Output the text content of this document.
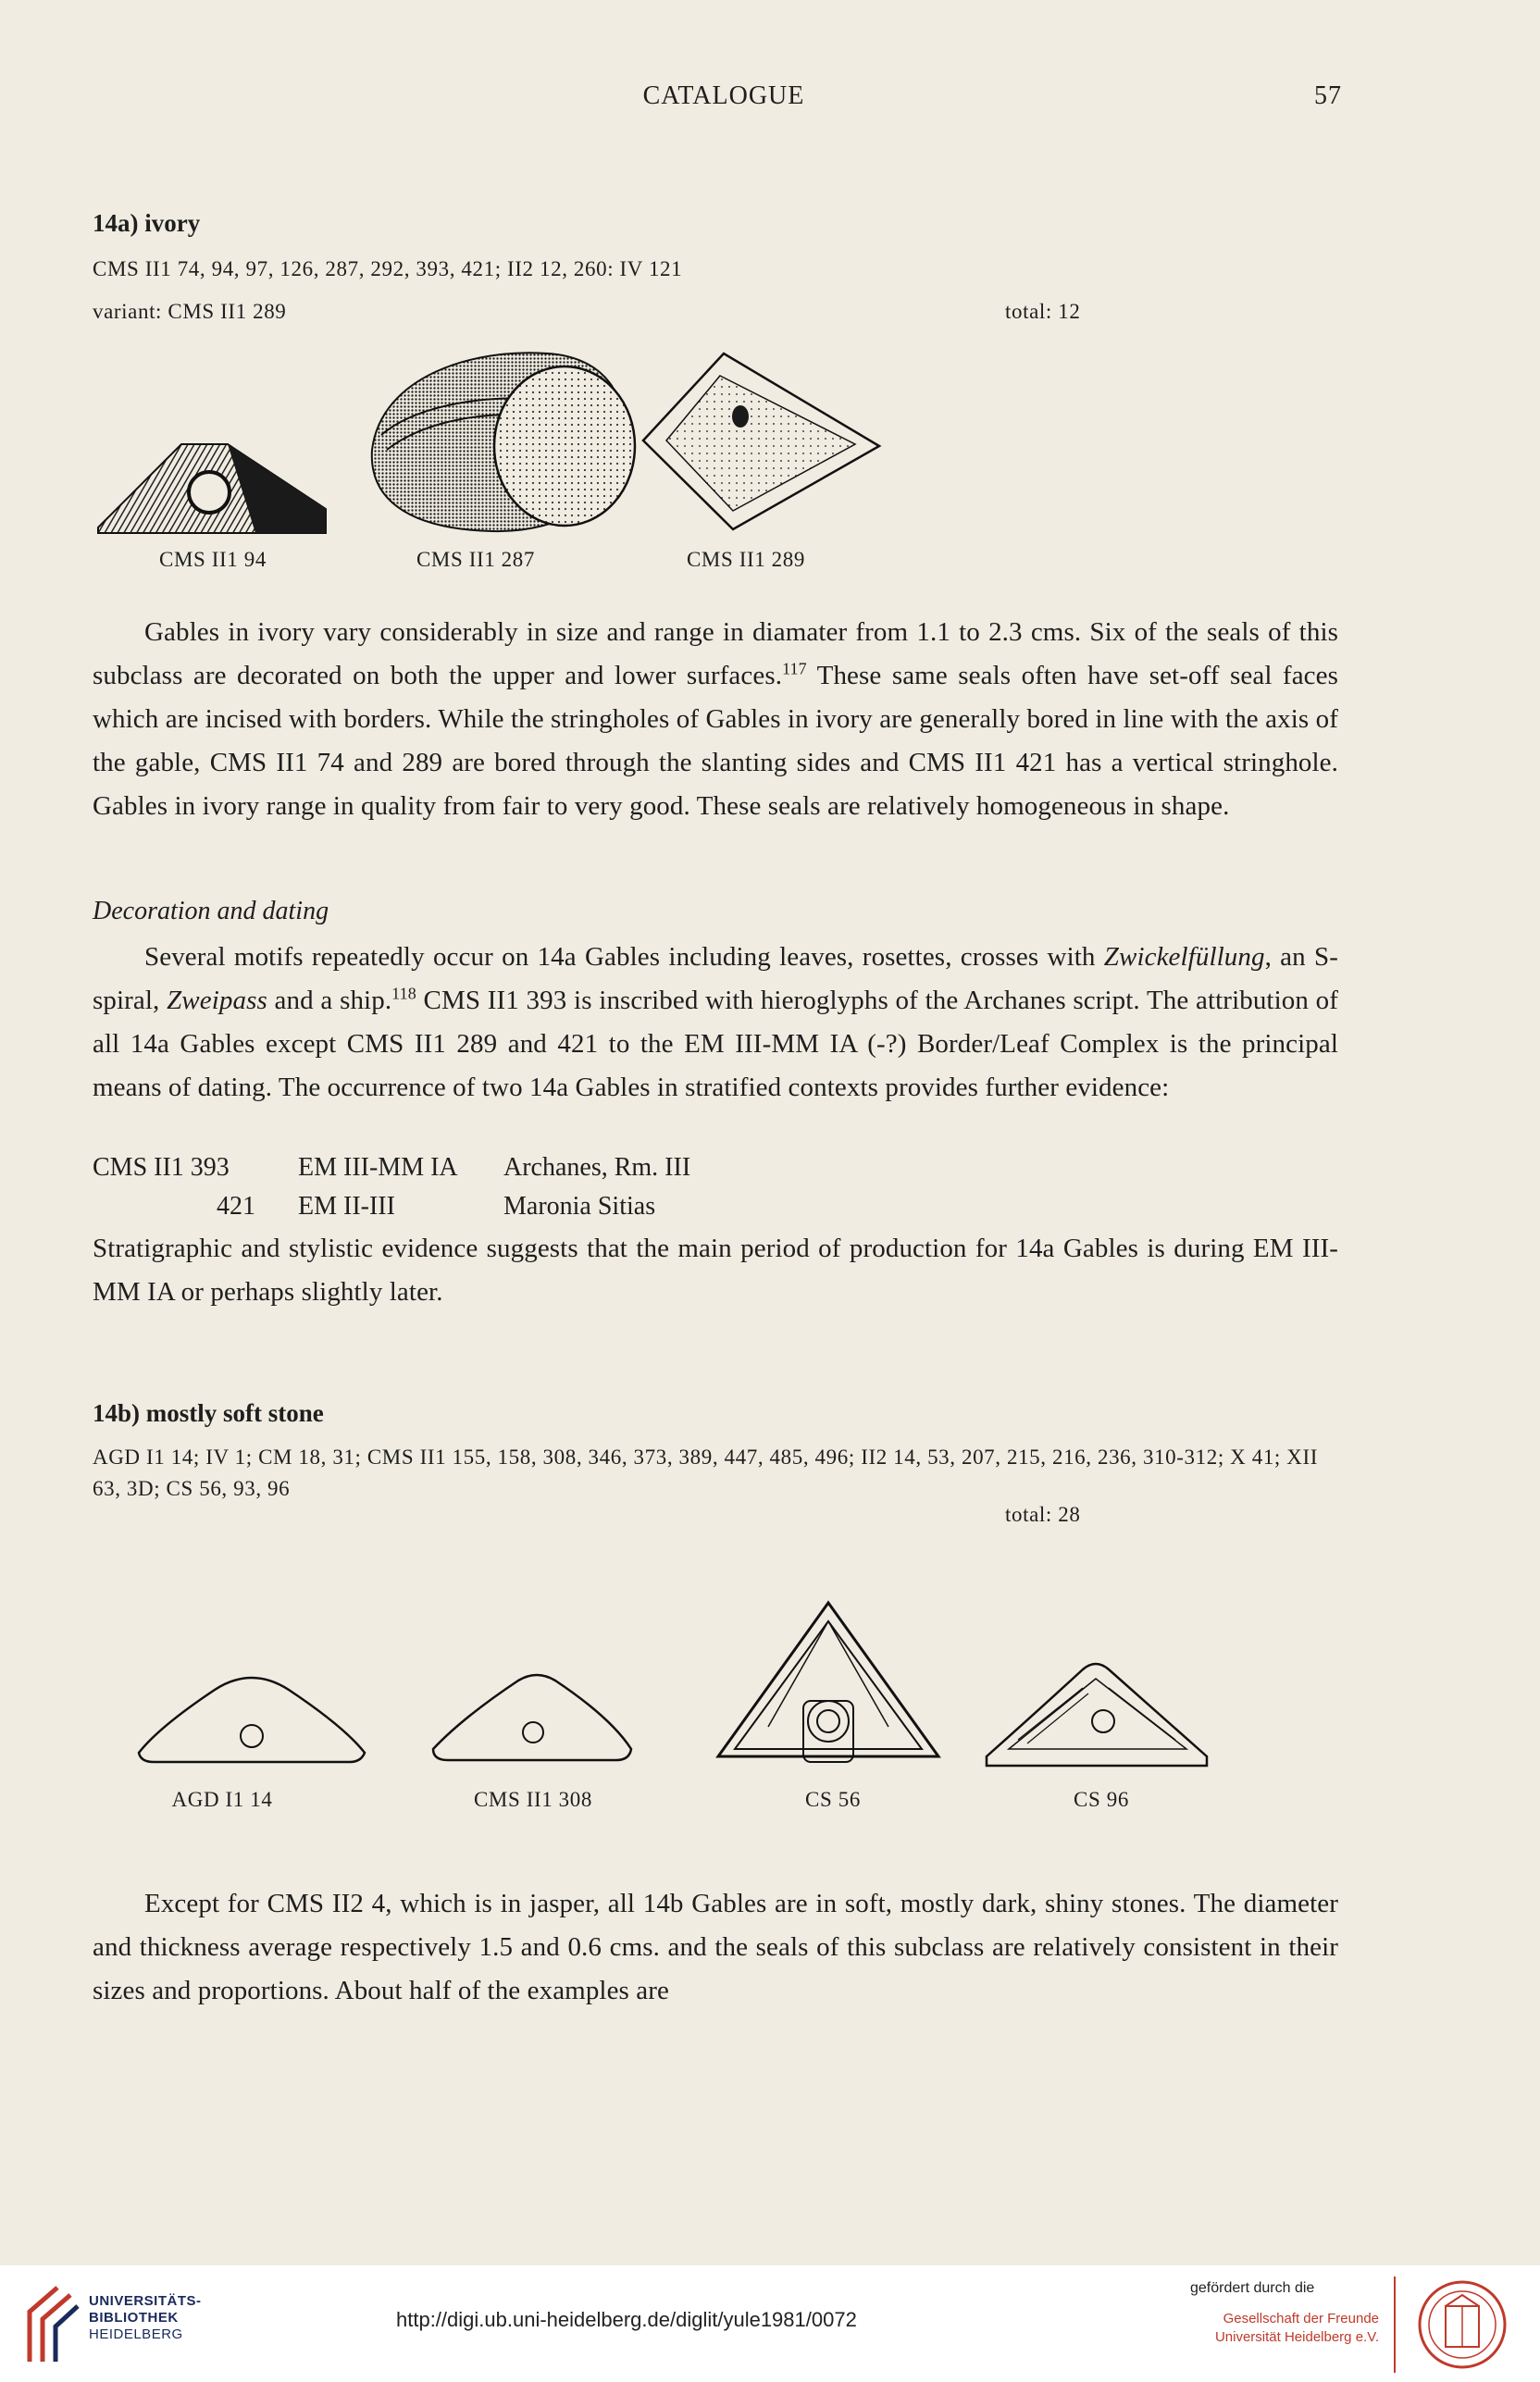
CATALOGUE	57
14a) ivory
CMS II1 74, 94, 97, 126, 287, 292, 393, 421; II2 12, 260: IV 121
variant: CMS II1 289	total: 12
CMS II1 94	CMS II1 287	CMS II1 289

Gables in ivory vary considerably in size and range in diamater from 1.1 to 2.3 cms. Six of the seals of this subclass are decorated on both the upper and lower surfaces.$^{117}$ These same seals often have set-off seal faces which are incised with borders. While the stringholes of Gables in ivory are generally bored in line with the axis of the gable, CMS II1 74 and 289 are bored through the slanting sides and CMS II1 421 has a vertical stringhole. Gables in ivory range in quality from fair to very good. These seals are relatively homogeneous in shape.

Decoration and dating

Several motifs repeatedly occur on 14a Gables including leaves, rosettes, crosses with Zwickelfüllung, an S-spiral, Zweipass and a ship.$^{118}$ CMS II1 393 is inscribed with hieroglyphs of the Archanes script. The attribution of all 14a Gables except CMS II1 289 and 421 to the EM III-MM IA (-?) Border/Leaf Complex is the principal means of dating. The occurrence of two 14a Gables in stratified contexts provides further evidence:

CMS II1 393	EM III-MM IA	Archanes, Rm. III
421	EM II-III	Maronia Sitias

Stratigraphic and stylistic evidence suggests that the main period of production for 14a Gables is during EM III-MM IA or perhaps slightly later.

14b) mostly soft stone
AGD I1 14; IV 1; CM 18, 31; CMS II1 155, 158, 308, 346, 373, 389, 447, 485, 496; II2 14, 53, 207, 215, 216, 236, 310-312; X 41; XII 63, 3D; CS 56, 93, 96
total: 28
AGD I1 14	CMS II1 308	CS 56	CS 96

Except for CMS II2 4, which is in jasper, all 14b Gables are in soft, mostly dark, shiny stones. The diameter and thickness average respectively 1.5 and 0.6 cms. and the seals of this subclass are relatively consistent in their sizes and proportions. About half of the examples are

UNIVERSITÄTS-
BIBLIOTHEK
HEIDELBERG
http://digi.ub.uni-heidelberg.de/diglit/yule1981/0072
gefördert durch die
Gesellschaft der Freunde
Universität Heidelberg e.V.
